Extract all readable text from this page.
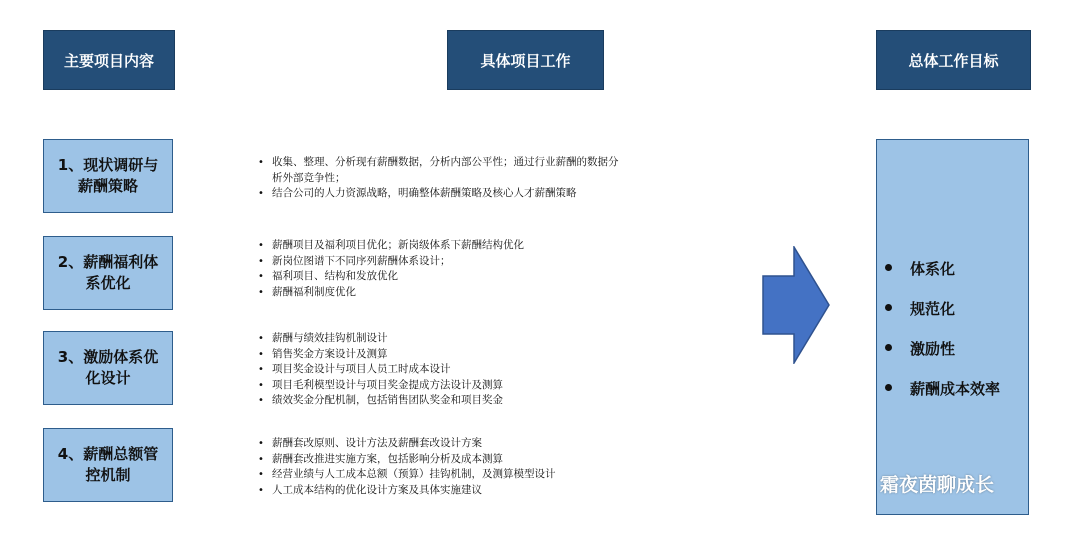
主要项目内容	具体项目工作	总体工作目标
1、现状调研与
薪酬策略
• 收集、整理、分析现有薪酬数据，分析内部公平性；通过行业薪酬的数据分
析外部竞争性；
• 结合公司的人力资源战略，明确整体薪酬策略及核心人才薪酬策略
2、薪酬福利体
系优化
• 薪酬项目及福利项目优化；新岗级体系下薪酬结构优化
• 新岗位图谱下不同序列薪酬体系设计；
• 福利项目、结构和发放优化
• 薪酬福利制度优化
3、激励体系优
化设计
• 薪酬与绩效挂钩机制设计
• 销售奖金方案设计及测算
• 项目奖金设计与项目人员工时成本设计
• 项目毛利模型设计与项目奖金提成方法设计及测算
• 绩效奖金分配机制，包括销售团队奖金和项目奖金
4、薪酬总额管
控机制
• 薪酬套改原则、设计方法及薪酬套改设计方案
• 薪酬套改推进实施方案，包括影响分析及成本测算
• 经营业绩与人工成本总额（预算）挂钩机制，及测算模型设计
• 人工成本结构的优化设计方案及具体实施建议
体系化
规范化
激励性
薪酬成本效率
霜夜茵聊成长
